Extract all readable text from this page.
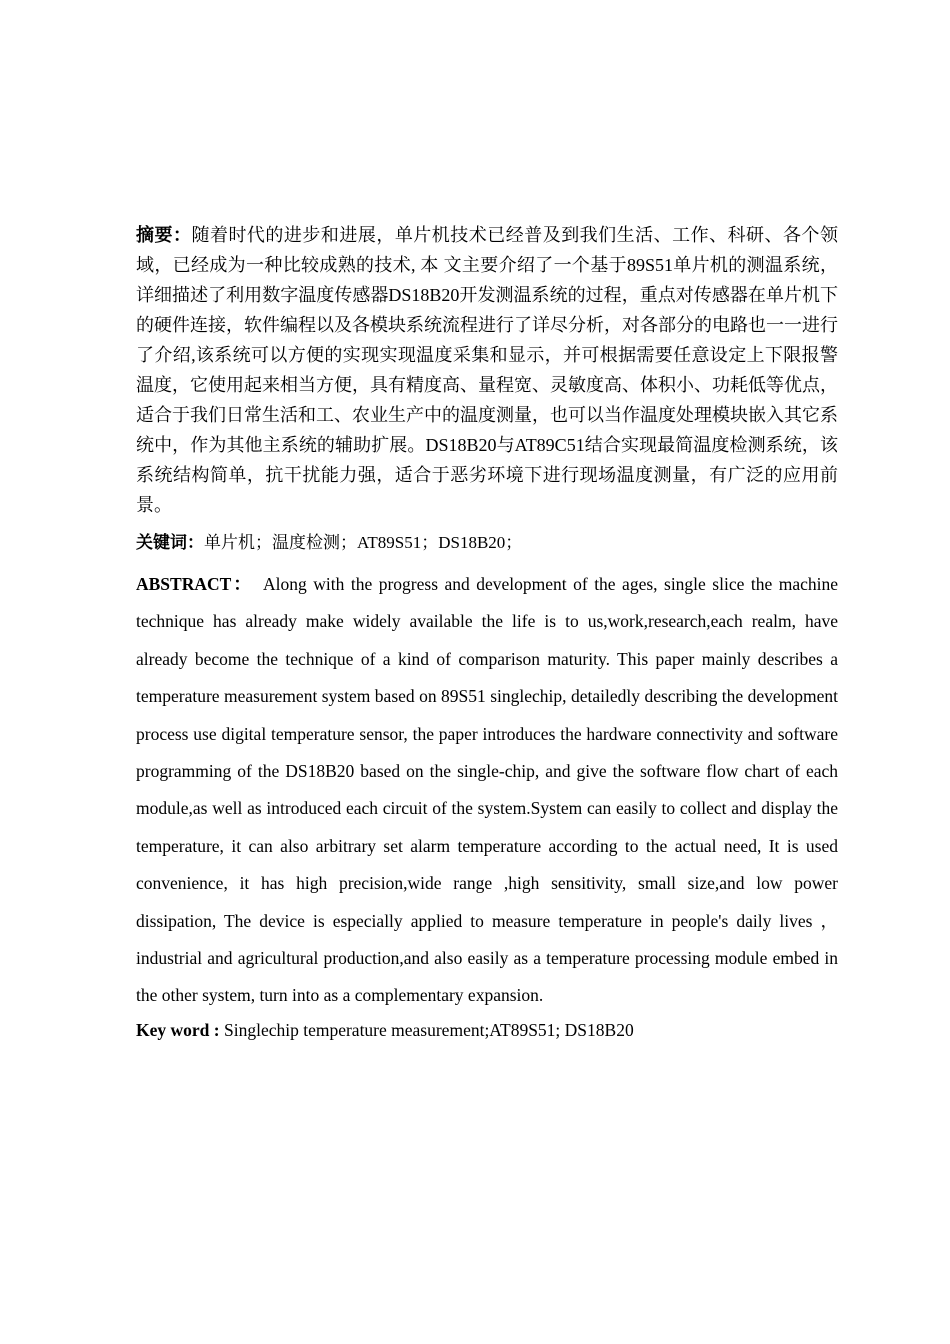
摘要：随着时代的进步和进展，单片机技术已经普及到我们生活、工作、科研、各个领域，已经成为一种比较成熟的技术, 本 文主要介绍了一个基于89S51单片机的测温系统，详细描述了利用数字温度传感器DS18B20开发测温系统的过程，重点对传感器在单片机下的硬件连接，软件编程以及各模块系统流程进行了详尽分析，对各部分的电路也一一进行了介绍,该系统可以方便的实现实现温度采集和显示，并可根据需要任意设定上下限报警温度，它使用起来相当方便，具有精度高、量程宽、灵敏度高、体积小、功耗低等优点，适合于我们日常生活和工、农业生产中的温度测量，也可以当作温度处理模块嵌入其它系统中，作为其他主系统的辅助扩展。DS18B20与AT89C51结合实现最简温度检测系统，该系统结构简单，抗干扰能力强，适合于恶劣环境下进行现场温度测量，有广泛的应用前景。

关键词：单片机；温度检测；AT89S51；DS18B20；

ABSTRACT： Along with the progress and development of the ages, single slice the machine technique has already make widely available the life is to us,work,research,each realm, have already become the technique of a kind of comparison maturity. This paper mainly describes a temperature measurement system based on 89S51 singlechip, detailedly describing the development process use digital temperature sensor, the paper introduces the hardware connectivity and software programming of the DS18B20 based on the single-chip, and give the software flow chart of each module,as well as introduced each circuit of the system.System can easily to collect and display the temperature, it can also arbitrary set alarm temperature according to the actual need, It is used convenience, it has high precision,wide range ,high sensitivity, small size,and low power dissipation, The device is especially applied to measure temperature in people's daily lives ， industrial and agricultural production,and also easily as a temperature processing module embed in the other system, turn into as a complementary expansion.

Key word : Singlechip temperature measurement;AT89S51; DS18B20
